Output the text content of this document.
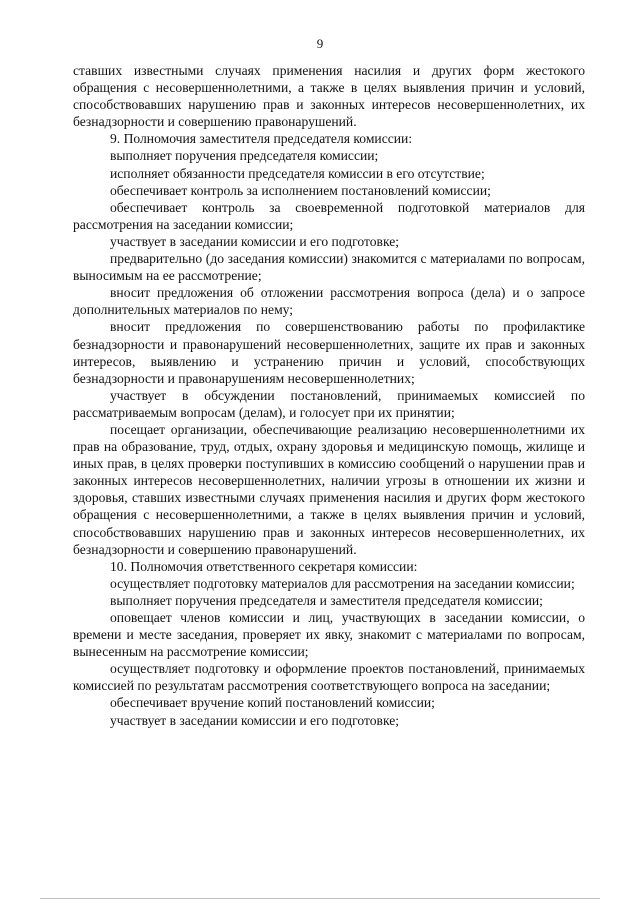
9

ставших известными случаях применения насилия и других форм жестокого обращения с несовершеннолетними, а также в целях выявления причин и условий, способствовавших нарушению прав и законных интересов несовершеннолетних, их безнадзорности и совершению правонарушений.

9. Полномочия заместителя председателя комиссии:

выполняет поручения председателя комиссии;

исполняет обязанности председателя комиссии в его отсутствие;

обеспечивает контроль за исполнением постановлений комиссии;

обеспечивает контроль за своевременной подготовкой материалов для рассмотрения на заседании комиссии;

участвует в заседании комиссии и его подготовке;

предварительно (до заседания комиссии) знакомится с материалами по вопросам, выносимым на ее рассмотрение;

вносит предложения об отложении рассмотрения вопроса (дела) и о запросе дополнительных материалов по нему;

вносит предложения по совершенствованию работы по профилактике безнадзорности и правонарушений несовершеннолетних, защите их прав и законных интересов, выявлению и устранению причин и условий, способствующих безнадзорности и правонарушениям несовершеннолетних;

участвует в обсуждении постановлений, принимаемых комиссией по рассматриваемым вопросам (делам), и голосует при их принятии;

посещает организации, обеспечивающие реализацию несовершеннолетними их прав на образование, труд, отдых, охрану здоровья и медицинскую помощь, жилище и иных прав, в целях проверки поступивших в комиссию сообщений о нарушении прав и законных интересов несовершеннолетних, наличии угрозы в отношении их жизни и здоровья, ставших известными случаях применения насилия и других форм жестокого обращения с несовершеннолетними, а также в целях выявления причин и условий, способствовавших нарушению прав и законных интересов несовершеннолетних, их безнадзорности и совершению правонарушений.

10. Полномочия ответственного секретаря комиссии:

осуществляет подготовку материалов для рассмотрения на заседании комиссии;

выполняет поручения председателя и заместителя председателя комиссии;

оповещает членов комиссии и лиц, участвующих в заседании комиссии, о времени и месте заседания, проверяет их явку, знакомит с материалами по вопросам, вынесенным на рассмотрение комиссии;

осуществляет подготовку и оформление проектов постановлений, принимаемых комиссией по результатам рассмотрения соответствующего вопроса на заседании;

обеспечивает вручение копий постановлений комиссии;

участвует в заседании комиссии и его подготовке;
